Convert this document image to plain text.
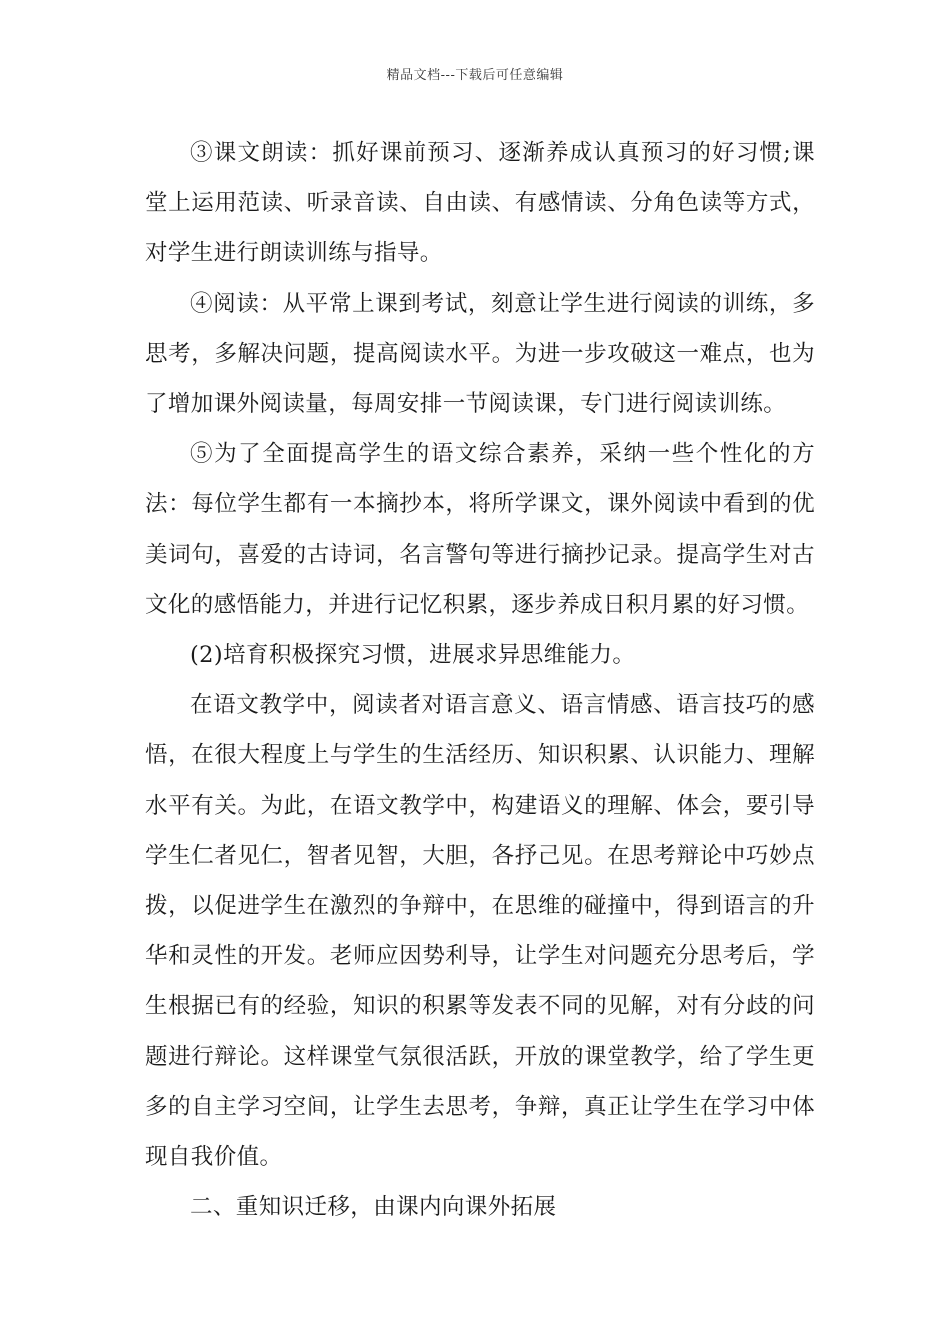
精品文档---下载后可任意编辑

③课文朗读：抓好课前预习、逐渐养成认真预习的好习惯;课堂上运用范读、听录音读、自由读、有感情读、分角色读等方式，对学生进行朗读训练与指导。

④阅读：从平常上课到考试，刻意让学生进行阅读的训练，多思考，多解决问题，提高阅读水平。为进一步攻破这一难点，也为了增加课外阅读量，每周安排一节阅读课，专门进行阅读训练。

⑤为了全面提高学生的语文综合素养，采纳一些个性化的方法：每位学生都有一本摘抄本，将所学课文，课外阅读中看到的优美词句，喜爱的古诗词，名言警句等进行摘抄记录。提高学生对古文化的感悟能力，并进行记忆积累，逐步养成日积月累的好习惯。

(2)培育积极探究习惯，进展求异思维能力。

在语文教学中，阅读者对语言意义、语言情感、语言技巧的感悟，在很大程度上与学生的生活经历、知识积累、认识能力、理解水平有关。为此，在语文教学中，构建语义的理解、体会，要引导学生仁者见仁，智者见智，大胆，各抒己见。在思考辩论中巧妙点拨，以促进学生在激烈的争辩中，在思维的碰撞中，得到语言的升华和灵性的开发。老师应因势利导，让学生对问题充分思考后，学生根据已有的经验，知识的积累等发表不同的见解，对有分歧的问题进行辩论。这样课堂气氛很活跃，开放的课堂教学，给了学生更多的自主学习空间，让学生去思考，争辩，真正让学生在学习中体现自我价值。

二、重知识迁移，由课内向课外拓展
